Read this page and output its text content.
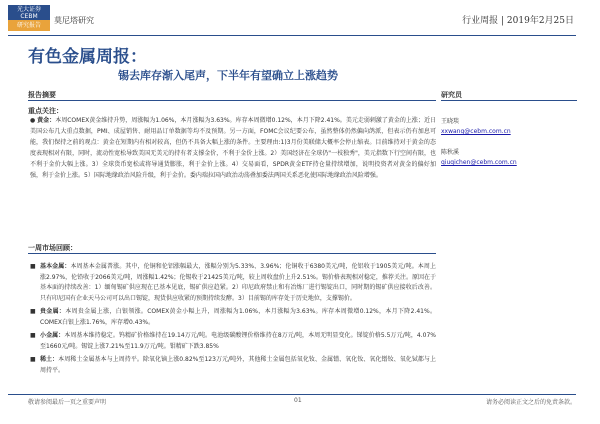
光大证券 CEBM
研究报告
莫尼塔研究	行业周报 | 2019年2月25日
有色金属周报：
锡去库存渐入尾声，下半年有望确立上涨趋势
报告摘要
重点关注：
● 黄金：本周COMEX黄金维持升势，周涨幅为1.06%，本月涨幅为3.63%。库存本周微增0.12%，本月下降2.41%。美元走弱刺激了黄金的上涨；近日美国公布几大重点数据，PMI、成屋销售、耐用品订单数据等均不及预期。另一方面，FOMC会议纪要公布，虽然整体仍然偏向鸽派，但表示仍有加息可能，我们保持之前的观点：黄金在短期内有相对较高，但仍不具备大幅上涨的条件。主要理由:1)3月份美联储大概率会停止缩表。目前维持对于黄金的态度表现相对有限，同时，流动性宽松导致美国无美元的持有者支撑金价，不利于金价上涨。2）美国经济在全球仍"一枝独秀"，美元指数下行空间有限，也不利于金价大幅上涨。3）全球货币宽松或将导通货膨胀，利于金价上涨。4）交易面看，SPDR黄金ETF持仓量持续增加，说明投资者对黄金的偏好加强，利于金价上涨。5）国际地缘政治风险升级，利于金价。委内瑞拉国内政治动荡叠加委法两国关系恶化使国际地缘政治风险增强。
一周市场回顾：
■ 基本金属：本周基本金属普涨。其中，伦铜和伦铝涨幅最大，涨幅分别为5.33%、3.96%；伦铜收于6380美元/吨，伦铝收于1905美元/吨。本周上涨2.97%，伦铅收于2066美元/吨，周涨幅1.42%；伦锡收于21425美元/吨，较上周收盘价上升2.51%。锡价格表现相对稳定，推荐关注。原因在于基本面的持续改善：1）缅甸锡矿供应现在已基本见底，锡矿供应趋紧。2）印尼政府禁止和有冶炼厂进行锡锭出口，同时期的锡矿供应接收后改善。只有印尼国有企业天马公司可以出口锡锭，现货供应收紧的预期持续发酵。3）目前锡的库存处于历史地位，支撑锡价。
■ 贵金属：本周贵金属上涨，白银领涨。COMEX黄金小幅上升，周涨幅为1.06%，本月涨幅为3.63%。库存本周微增0.12%，本月下降2.41%。COMEX白银上涨1.76%，库存增0.43%。
■ 小金属：本周基本维持稳定。钨精矿价格维持在19.14万元/吨。电池级碳酸锂价格维持在8万元/吨，本周无明显变化。锑锭价格5.5万元/吨，4.07%至1660元/吨。锡锭上涨7.21%至11.9万元/吨。钼精矿下跌3.85%
■ 稀土：本周稀土金属基本与上周持平。除氧化镝上涨0.82%至123万元/吨外，其他稀土金属包括氧化钕、金属镨、氧化钕、氧化镨钕、氧化铽都与上周持平。
研究员
王晓琰
xxwang@cebm.com.cn
陈秋溪
qiuqichen@cebm.com.cn
敬请参阅最后一页之重要声明	01	请务必阅读正文之后的免责条款。
